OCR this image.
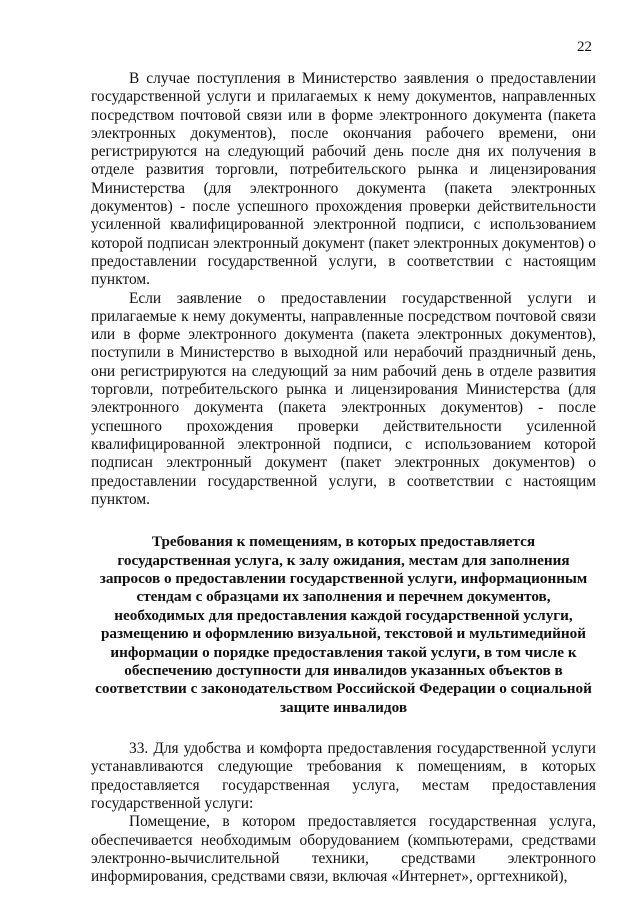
22

В случае поступления в Министерство заявления о предоставлении государственной услуги и прилагаемых к нему документов, направленных посредством почтовой связи или в форме электронного документа (пакета электронных документов), после окончания рабочего времени, они регистрируются на следующий рабочий день после дня их получения в отделе развития торговли, потребительского рынка и лицензирования Министерства (для электронного документа (пакета электронных документов) - после успешного прохождения проверки действительности усиленной квалифицированной электронной подписи, с использованием которой подписан электронный документ (пакет электронных документов) о предоставлении государственной услуги, в соответствии с настоящим пунктом.

Если заявление о предоставлении государственной услуги и прилагаемые к нему документы, направленные посредством почтовой связи или в форме электронного документа (пакета электронных документов), поступили в Министерство в выходной или нерабочий праздничный день, они регистрируются на следующий за ним рабочий день в отделе развития торговли, потребительского рынка и лицензирования Министерства (для электронного документа (пакета электронных документов) - после успешного прохождения проверки действительности усиленной квалифицированной электронной подписи, с использованием которой подписан электронный документ (пакет электронных документов) о предоставлении государственной услуги, в соответствии с настоящим пунктом.

Требования к помещениям, в которых предоставляется государственная услуга, к залу ожидания, местам для заполнения запросов о предоставлении государственной услуги, информационным стендам с образцами их заполнения и перечнем документов, необходимых для предоставления каждой государственной услуги, размещению и оформлению визуальной, текстовой и мультимедийной информации о порядке предоставления такой услуги, в том числе к обеспечению доступности для инвалидов указанных объектов в соответствии с законодательством Российской Федерации о социальной защите инвалидов

33. Для удобства и комфорта предоставления государственной услуги устанавливаются следующие требования к помещениям, в которых предоставляется государственная услуга, местам предоставления государственной услуги:

Помещение, в котором предоставляется государственная услуга, обеспечивается необходимым оборудованием (компьютерами, средствами электронно-вычислительной техники, средствами электронного информирования, средствами связи, включая «Интернет», оргтехникой),
